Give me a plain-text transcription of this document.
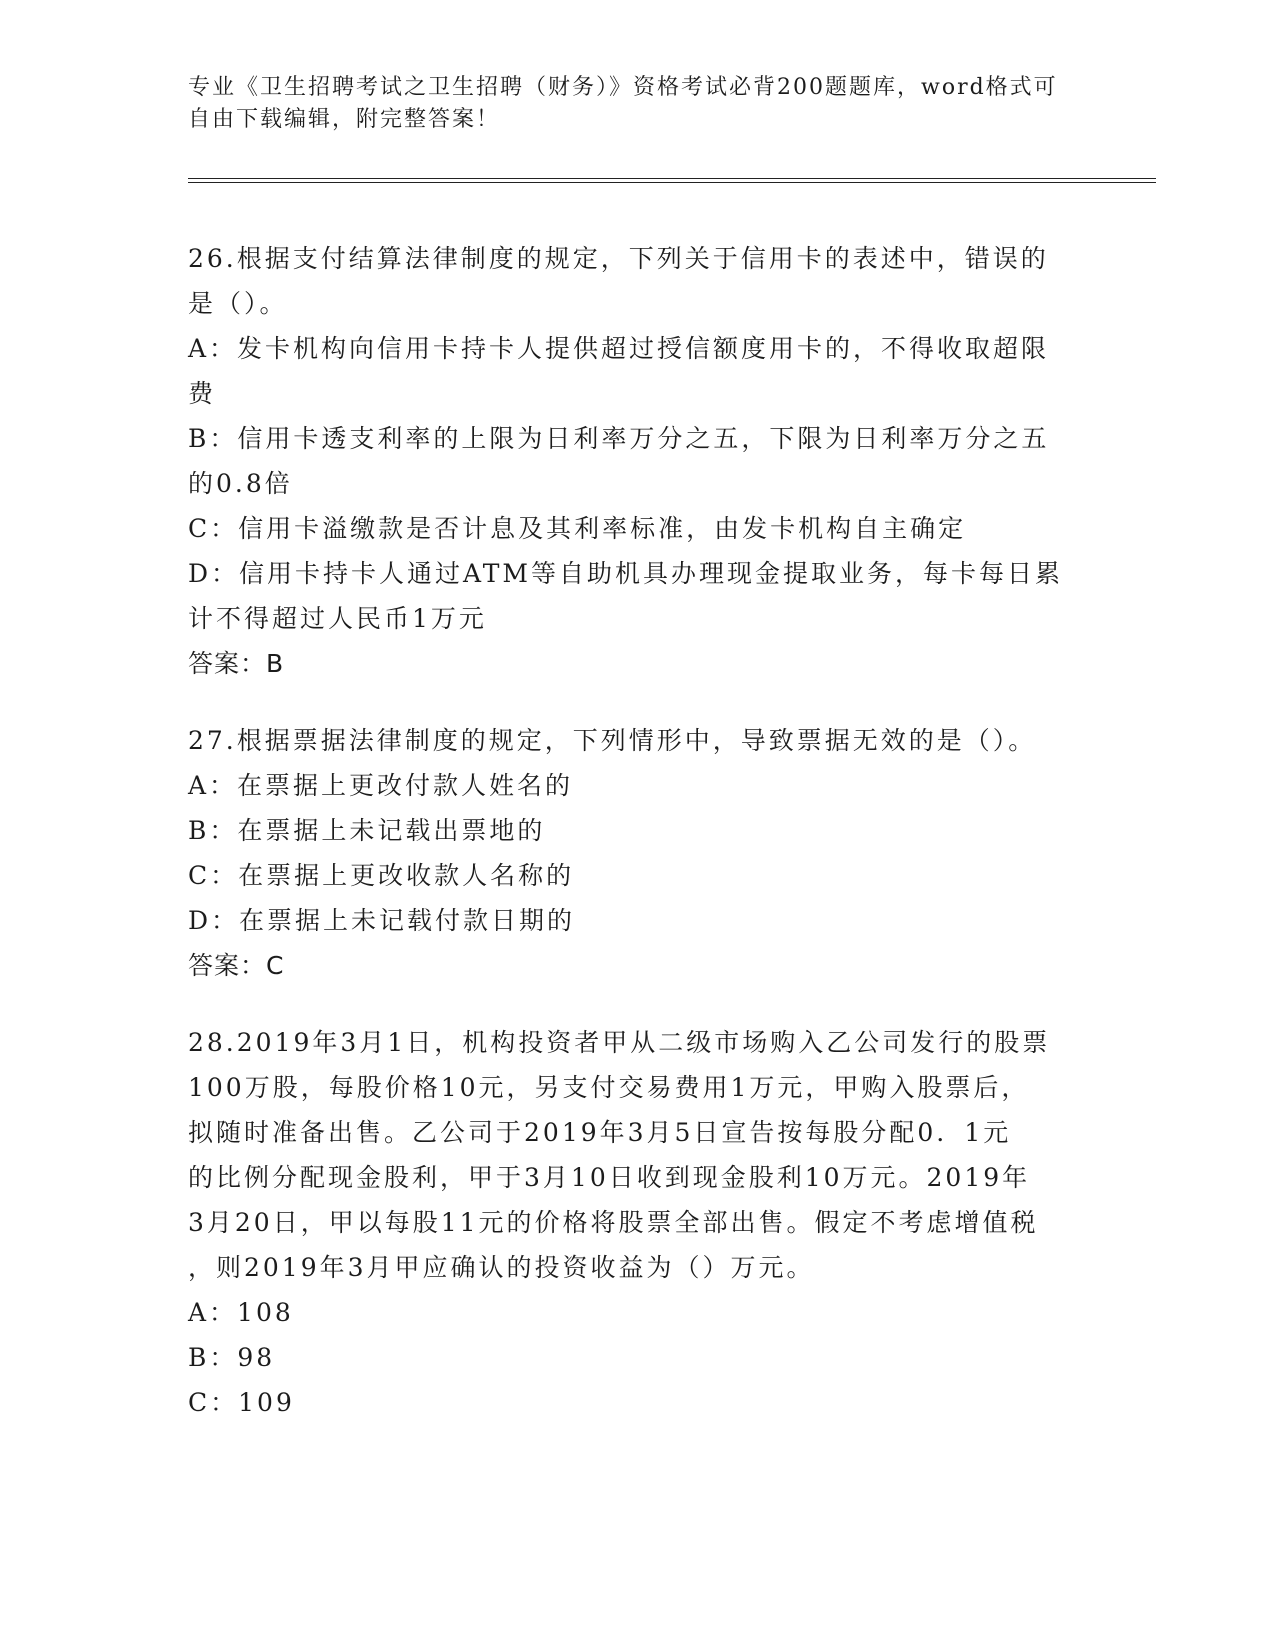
专业《卫生招聘考试之卫生招聘（财务）》资格考试必背200题题库，word格式可自由下载编辑，附完整答案！

26.根据支付结算法律制度的规定，下列关于信用卡的表述中，错误的
是（）。

A：发卡机构向信用卡持卡人提供超过授信额度用卡的，不得收取超限
费

B：信用卡透支利率的上限为日利率万分之五，下限为日利率万分之五
的0.8倍

C：信用卡溢缴款是否计息及其利率标准，由发卡机构自主确定

D：信用卡持卡人通过ATM等自助机具办理现金提取业务，每卡每日累
计不得超过人民币1万元

答案：B

27.根据票据法律制度的规定，下列情形中，导致票据无效的是（）。

A：在票据上更改付款人姓名的

B：在票据上未记载出票地的

C：在票据上更改收款人名称的

D：在票据上未记载付款日期的

答案：C

28.2019年3月1日，机构投资者甲从二级市场购入乙公司发行的股票
100万股，每股价格10元，另支付交易费用1万元，甲购入股票后，
拟随时准备出售。乙公司于2019年3月5日宣告按每股分配0．1元
的比例分配现金股利，甲于3月10日收到现金股利10万元。2019年
3月20日，甲以每股11元的价格将股票全部出售。假定不考虑增值税
，则2019年3月甲应确认的投资收益为（）万元。

A：108

B：98

C：109
